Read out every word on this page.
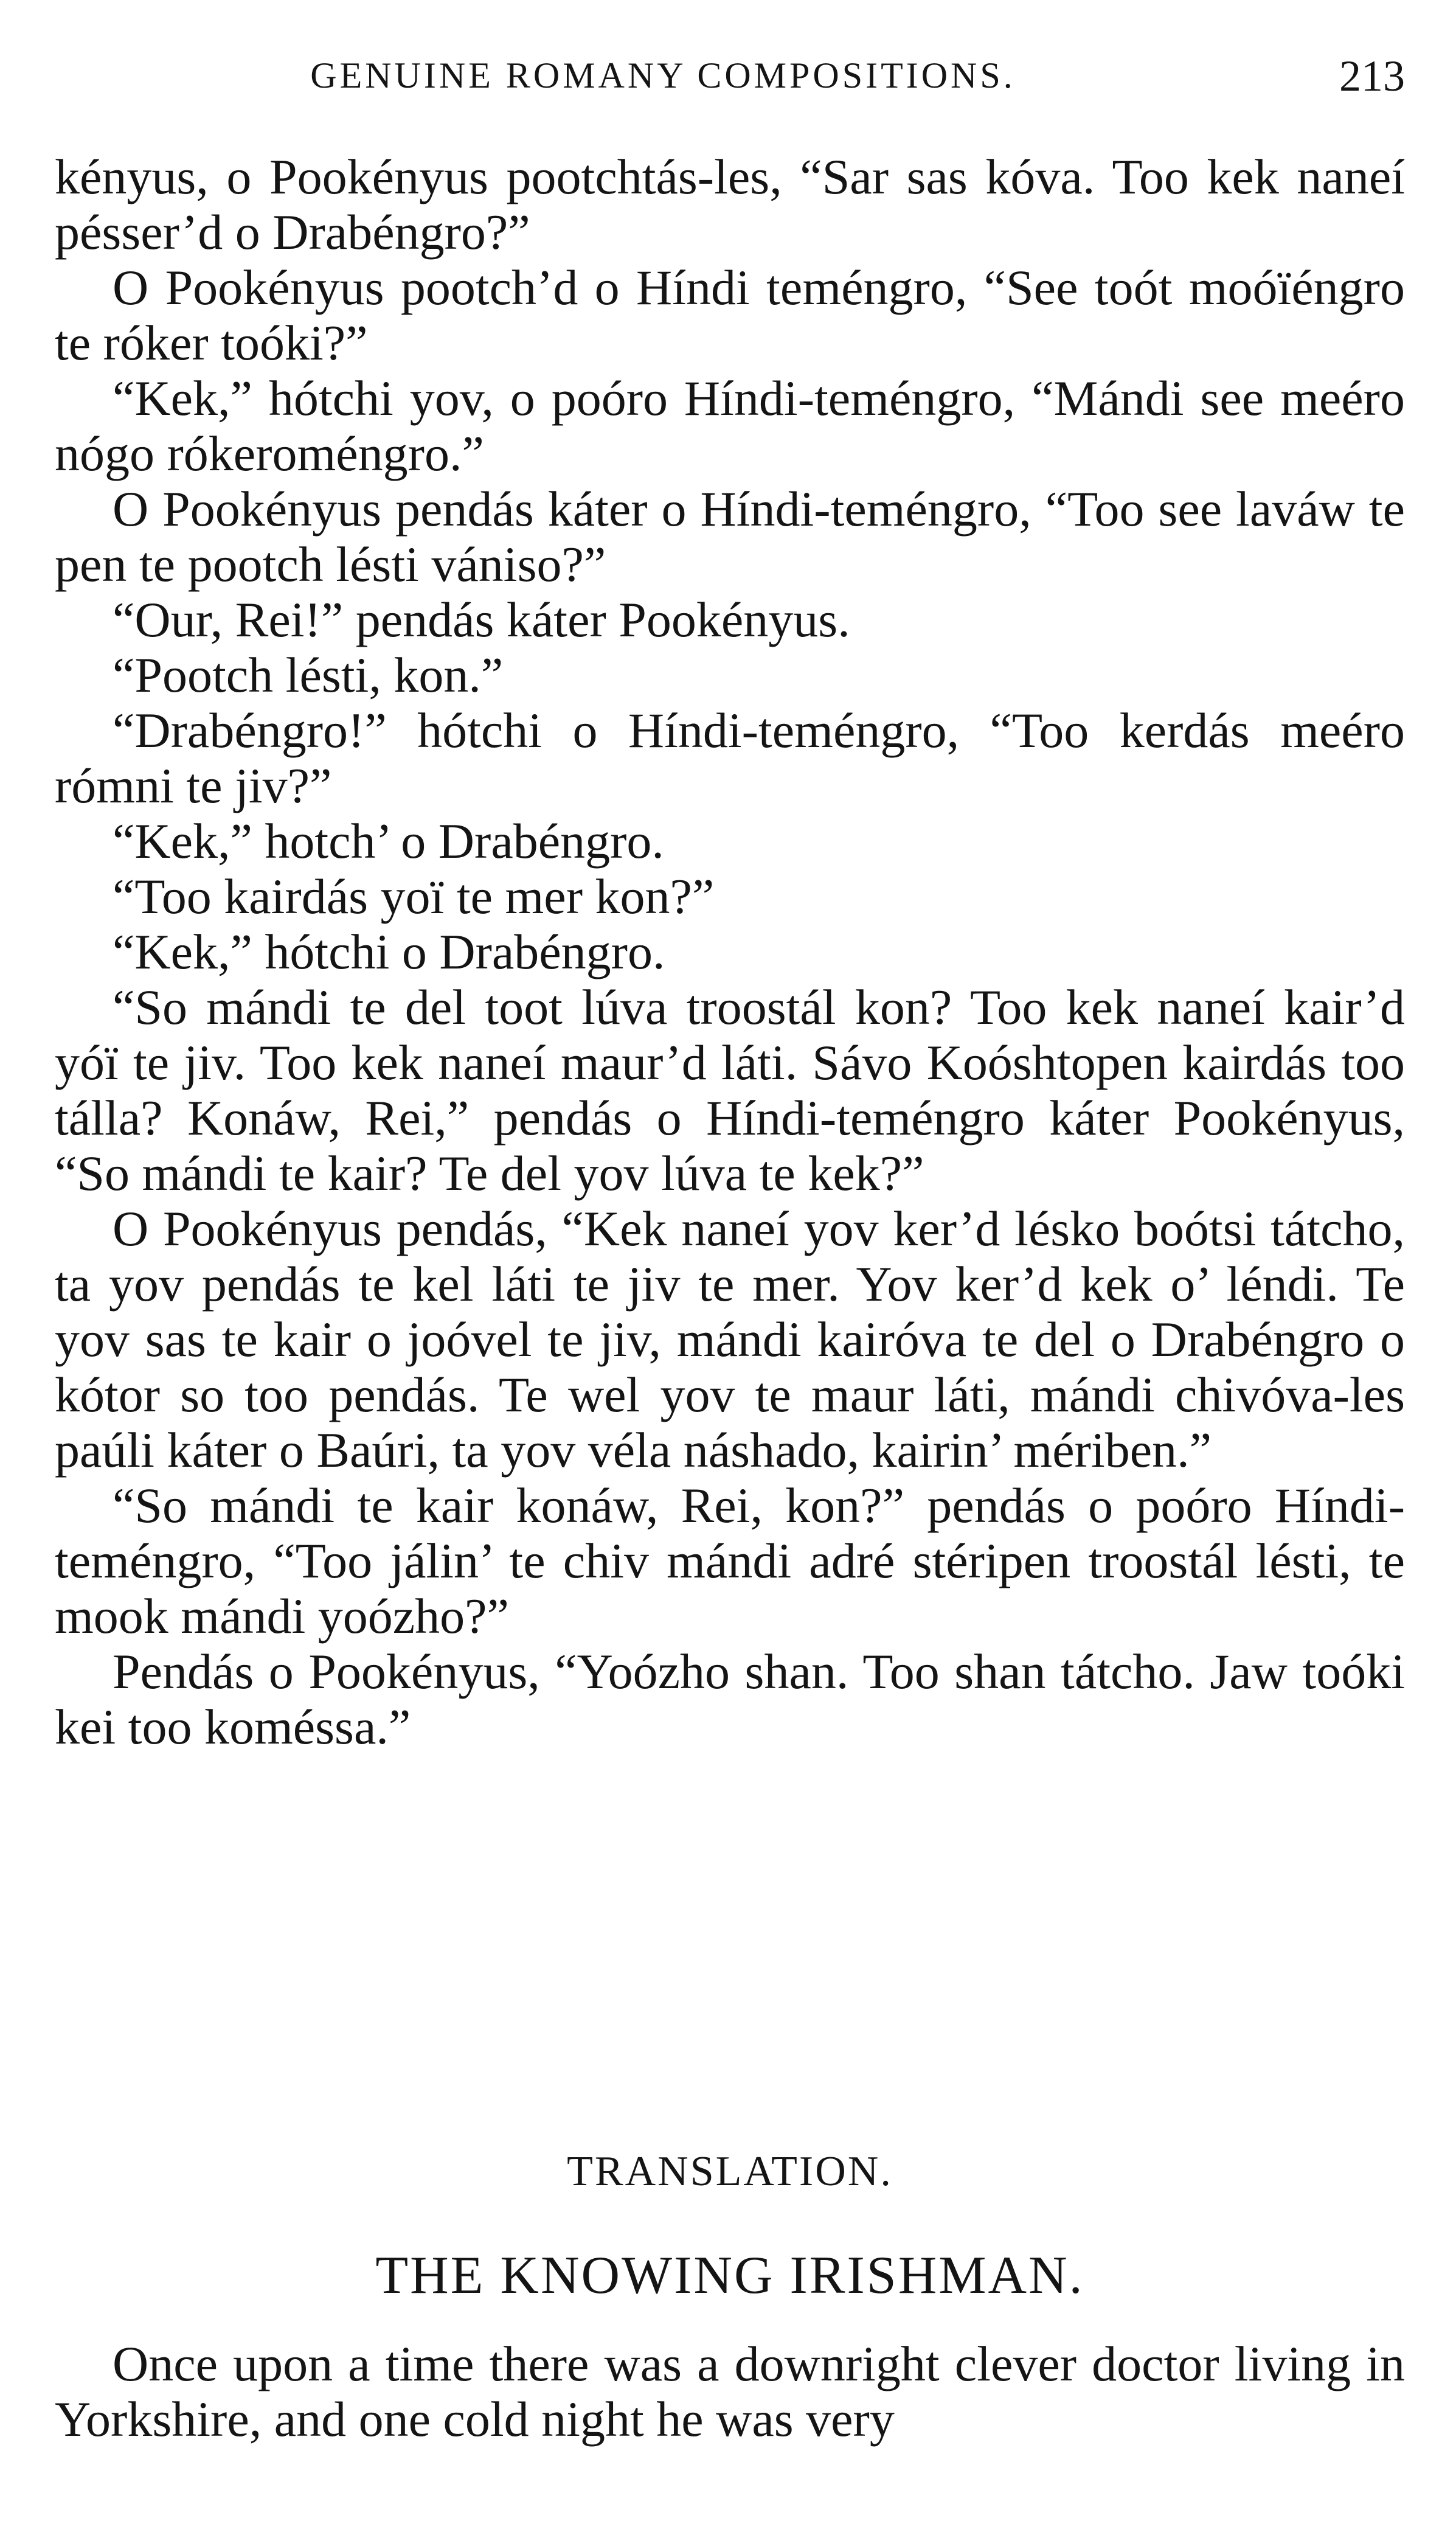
GENUINE ROMANY COMPOSITIONS.	213

kényus, o Pookényus pootchtás-les, “Sar sas kóva. Too kek naneí pésser’d o Drabéngro?”

O Pookényus pootch’d o Híndi teméngro, “See toót moóïéngro te róker toóki?”

“Kek,” hótchi yov, o poóro Híndi-teméngro, “Mándi see meéro nógo rókeroméngro.”

O Pookényus pendás káter o Híndi-teméngro, “Too see laváw te pen te pootch lésti vániso?”

“Our, Rei!” pendás káter Pookényus.

“Pootch lésti, kon.”

“Drabéngro!” hótchi o Híndi-teméngro, “Too kerdás meéro rómni te jiv?”

“Kek,” hotch’ o Drabéngro.

“Too kairdás yoï te mer kon?”

“Kek,” hótchi o Drabéngro.

“So mándi te del toot lúva troostál kon? Too kek naneí kair’d yóï te jiv. Too kek naneí maur’d láti. Sávo Koóshtopen kairdás too tálla? Konáw, Rei,” pendás o Híndi-teméngro káter Pookényus, “So mándi te kair? Te del yov lúva te kek?”

O Pookényus pendás, “Kek naneí yov ker’d lésko boótsi tátcho, ta yov pendás te kel láti te jiv te mer. Yov ker’d kek o’ léndi. Te yov sas te kair o joóvel te jiv, mándi kairóva te del o Drabéngro o kótor so too pendás. Te wel yov te maur láti, mándi chivóva-les paúli káter o Baúri, ta yov véla náshado, kairin’ mériben.”

“So mándi te kair konáw, Rei, kon?” pendás o poóro Híndi-teméngro, “Too jálin’ te chiv mándi adré stéripen troostál lésti, te mook mándi yoózho?”

Pendás o Pookényus, “Yoózho shan. Too shan tátcho. Jaw toóki kei too koméssa.”

TRANSLATION.
THE KNOWING IRISHMAN.

Once upon a time there was a downright clever doctor living in Yorkshire, and one cold night he was very
